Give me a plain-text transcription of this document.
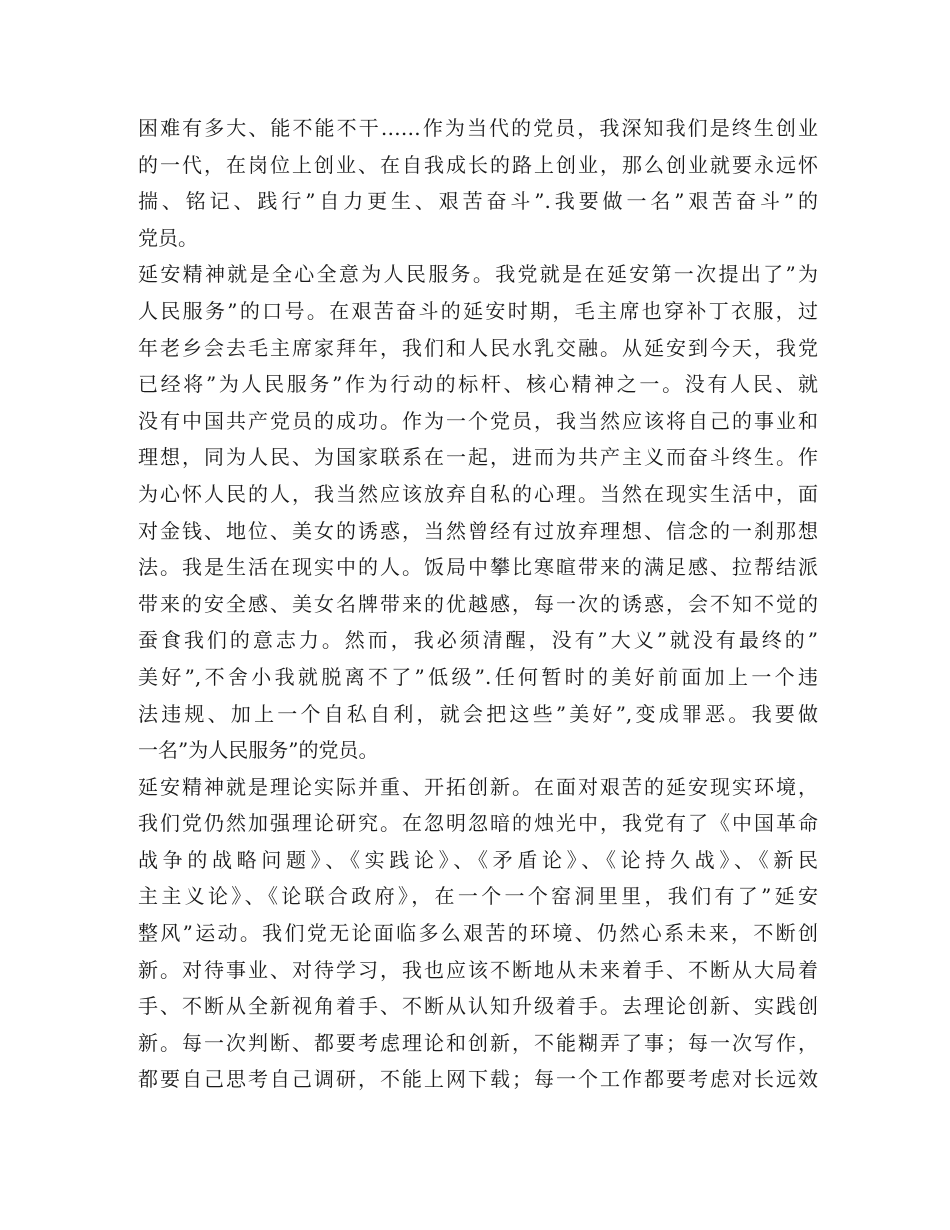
困难有多大、能不能不干……作为当代的党员，我深知我们是终生创业
的一代，在岗位上创业、在自我成长的路上创业，那么创业就要永远怀
揣、铭记、践行”自力更生、艰苦奋斗”.我要做一名”艰苦奋斗”的
党员。
延安精神就是全心全意为人民服务。我党就是在延安第一次提出了”为
人民服务”的口号。在艰苦奋斗的延安时期，毛主席也穿补丁衣服，过
年老乡会去毛主席家拜年，我们和人民水乳交融。从延安到今天，我党
已经将”为人民服务”作为行动的标杆、核心精神之一。没有人民、就
没有中国共产党员的成功。作为一个党员，我当然应该将自己的事业和
理想，同为人民、为国家联系在一起，进而为共产主义而奋斗终生。作
为心怀人民的人，我当然应该放弃自私的心理。当然在现实生活中，面
对金钱、地位、美女的诱惑，当然曾经有过放弃理想、信念的一刹那想
法。我是生活在现实中的人。饭局中攀比寒暄带来的满足感、拉帮结派
带来的安全感、美女名牌带来的优越感，每一次的诱惑，会不知不觉的
蚕食我们的意志力。然而，我必须清醒，没有”大义”就没有最终的”
美好”,不舍小我就脱离不了”低级”.任何暂时的美好前面加上一个违
法违规、加上一个自私自利，就会把这些”美好”,变成罪恶。我要做
一名”为人民服务”的党员。
延安精神就是理论实际并重、开拓创新。在面对艰苦的延安现实环境，
我们党仍然加强理论研究。在忽明忽暗的烛光中，我党有了《中国革命
战争的战略问题》、《实践论》、《矛盾论》、《论持久战》、《新民
主主义论》、《论联合政府》，在一个一个窑洞里里，我们有了”延安
整风”运动。我们党无论面临多么艰苦的环境、仍然心系未来，不断创
新。对待事业、对待学习，我也应该不断地从未来着手、不断从大局着
手、不断从全新视角着手、不断从认知升级着手。去理论创新、实践创
新。每一次判断、都要考虑理论和创新，不能糊弄了事；每一次写作，
都要自己思考自己调研，不能上网下载；每一个工作都要考虑对长远效
